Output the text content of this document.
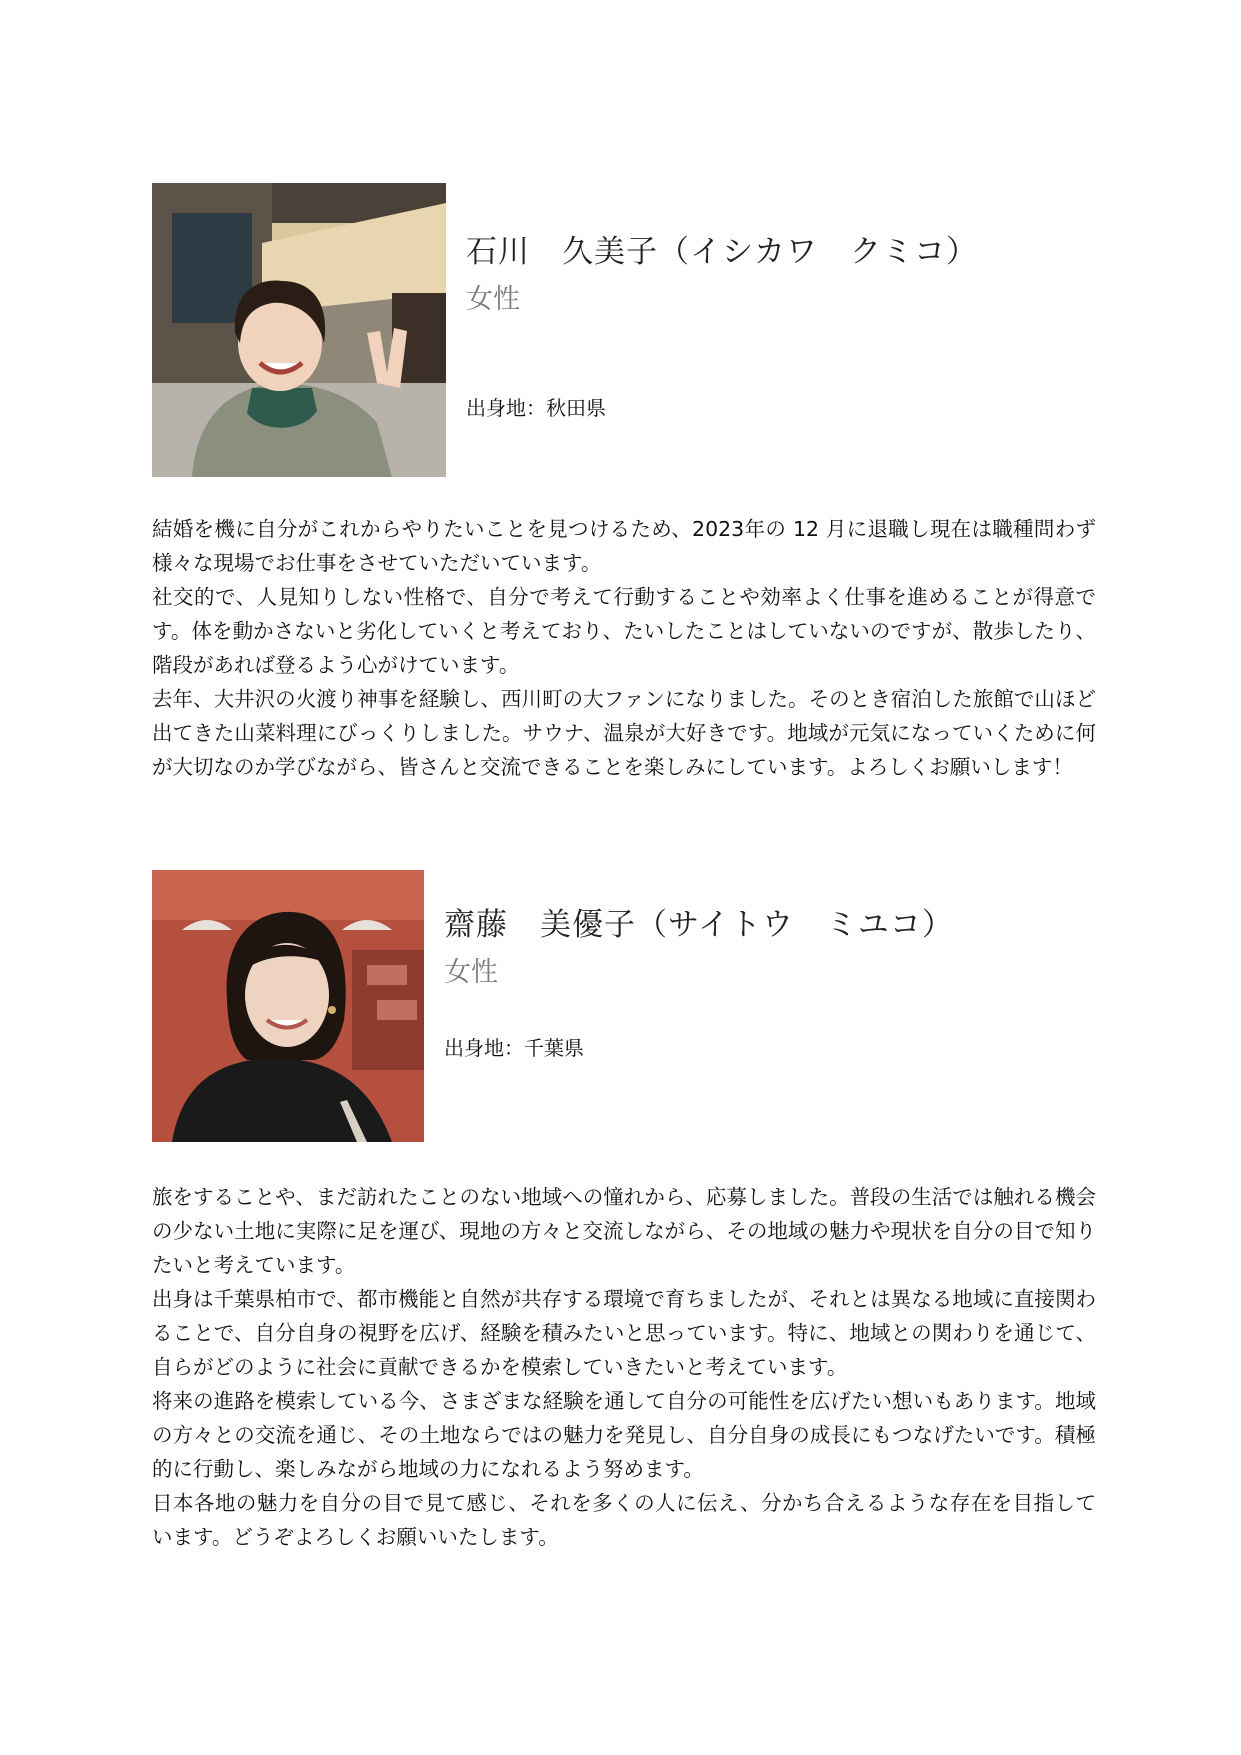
石川　久美子（イシカワ　クミコ）

女性

出身地：秋田県

結婚を機に自分がこれからやりたいことを見つけるため、2023年の 12 月に退職し現在は職種問わず様々な現場でお仕事をさせていただいています。

社交的で、人見知りしない性格で、自分で考えて行動することや効率よく仕事を進めることが得意です。体を動かさないと劣化していくと考えており、たいしたことはしていないのですが、散歩したり、階段があれば登るよう心がけています。

去年、大井沢の火渡り神事を経験し、西川町の大ファンになりました。そのとき宿泊した旅館で山ほど出てきた山菜料理にびっくりしました。サウナ、温泉が大好きです。地域が元気になっていくために何が大切なのか学びながら、皆さんと交流できることを楽しみにしています。よろしくお願いします！

齋藤　美優子（サイトウ　ミユコ）

女性

出身地：千葉県

旅をすることや、まだ訪れたことのない地域への憧れから、応募しました。普段の生活では触れる機会の少ない土地に実際に足を運び、現地の方々と交流しながら、その地域の魅力や現状を自分の目で知りたいと考えています。

出身は千葉県柏市で、都市機能と自然が共存する環境で育ちましたが、それとは異なる地域に直接関わることで、自分自身の視野を広げ、経験を積みたいと思っています。特に、地域との関わりを通じて、自らがどのように社会に貢献できるかを模索していきたいと考えています。

将来の進路を模索している今、さまざまな経験を通して自分の可能性を広げたい想いもあります。地域の方々との交流を通じ、その土地ならではの魅力を発見し、自分自身の成長にもつなげたいです。積極的に行動し、楽しみながら地域の力になれるよう努めます。

日本各地の魅力を自分の目で見て感じ、それを多くの人に伝え、分かち合えるような存在を目指しています。どうぞよろしくお願いいたします。
